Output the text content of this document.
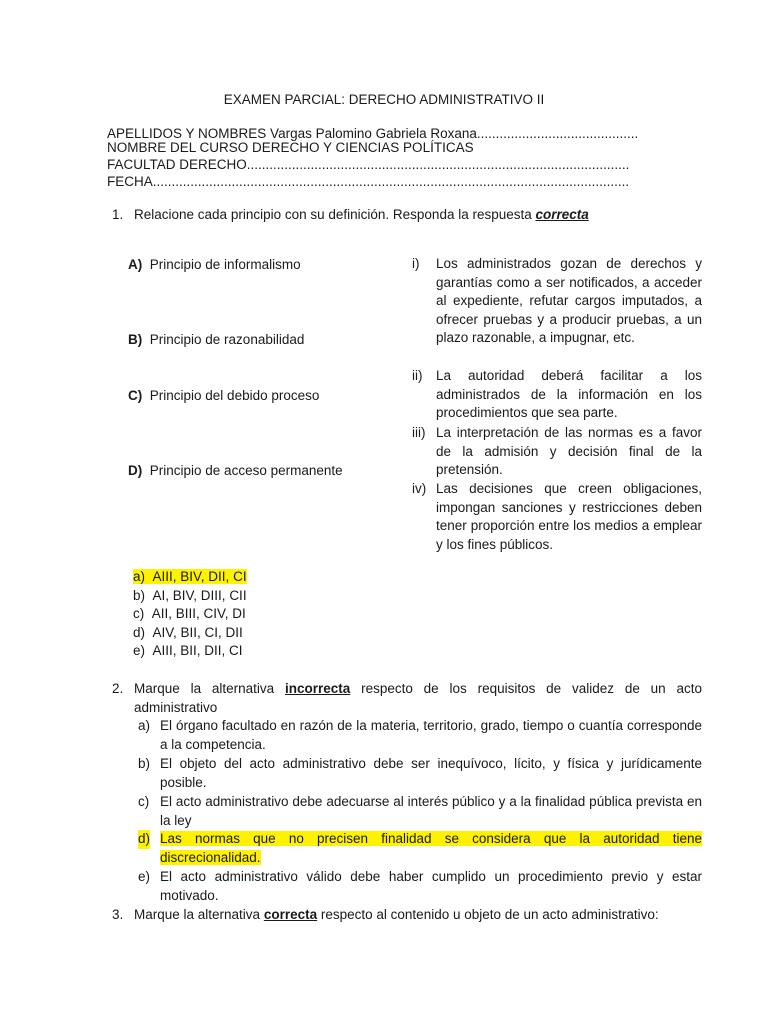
EXAMEN PARCIAL: DERECHO ADMINISTRATIVO II
APELLIDOS Y NOMBRES Vargas Palomino Gabriela Roxana...........................................
NOMBRE DEL CURSO DERECHO Y CIENCIAS POLÍTICAS
FACULTAD DERECHO......................................................................................................
FECHA...............................................................................................................................
1. Relacione cada principio con su definición. Responda la respuesta correcta
A) Principio de informalismo
B) Principio de razonabilidad
C) Principio del debido proceso
D) Principio de acceso permanente
i) Los administrados gozan de derechos y garantías como a ser notificados, a acceder al expediente, refutar cargos imputados, a ofrecer pruebas y a producir pruebas, a un plazo razonable, a impugnar, etc.
ii) La autoridad deberá facilitar a los administrados de la información en los procedimientos que sea parte.
iii) La interpretación de las normas es a favor de la admisión y decisión final de la pretensión.
iv) Las decisiones que creen obligaciones, impongan sanciones y restricciones deben tener proporción entre los medios a emplear y los fines públicos.
a) AIII, BIV, DII, CI
b) AI, BIV, DIII, CII
c) AII, BIII, CIV, DI
d) AIV, BII, CI, DII
e) AIII, BII, DII, CI
2. Marque la alternativa incorrecta respecto de los requisitos de validez de un acto administrativo
a) El órgano facultado en razón de la materia, territorio, grado, tiempo o cuantía corresponde a la competencia.
b) El objeto del acto administrativo debe ser inequívoco, lícito, y física y jurídicamente posible.
c) El acto administrativo debe adecuarse al interés público y a la finalidad pública prevista en la ley
d) Las normas que no precisen finalidad se considera que la autoridad tiene discrecionalidad.
e) El acto administrativo válido debe haber cumplido un procedimiento previo y estar motivado.
3. Marque la alternativa correcta respecto al contenido u objeto de un acto administrativo:
